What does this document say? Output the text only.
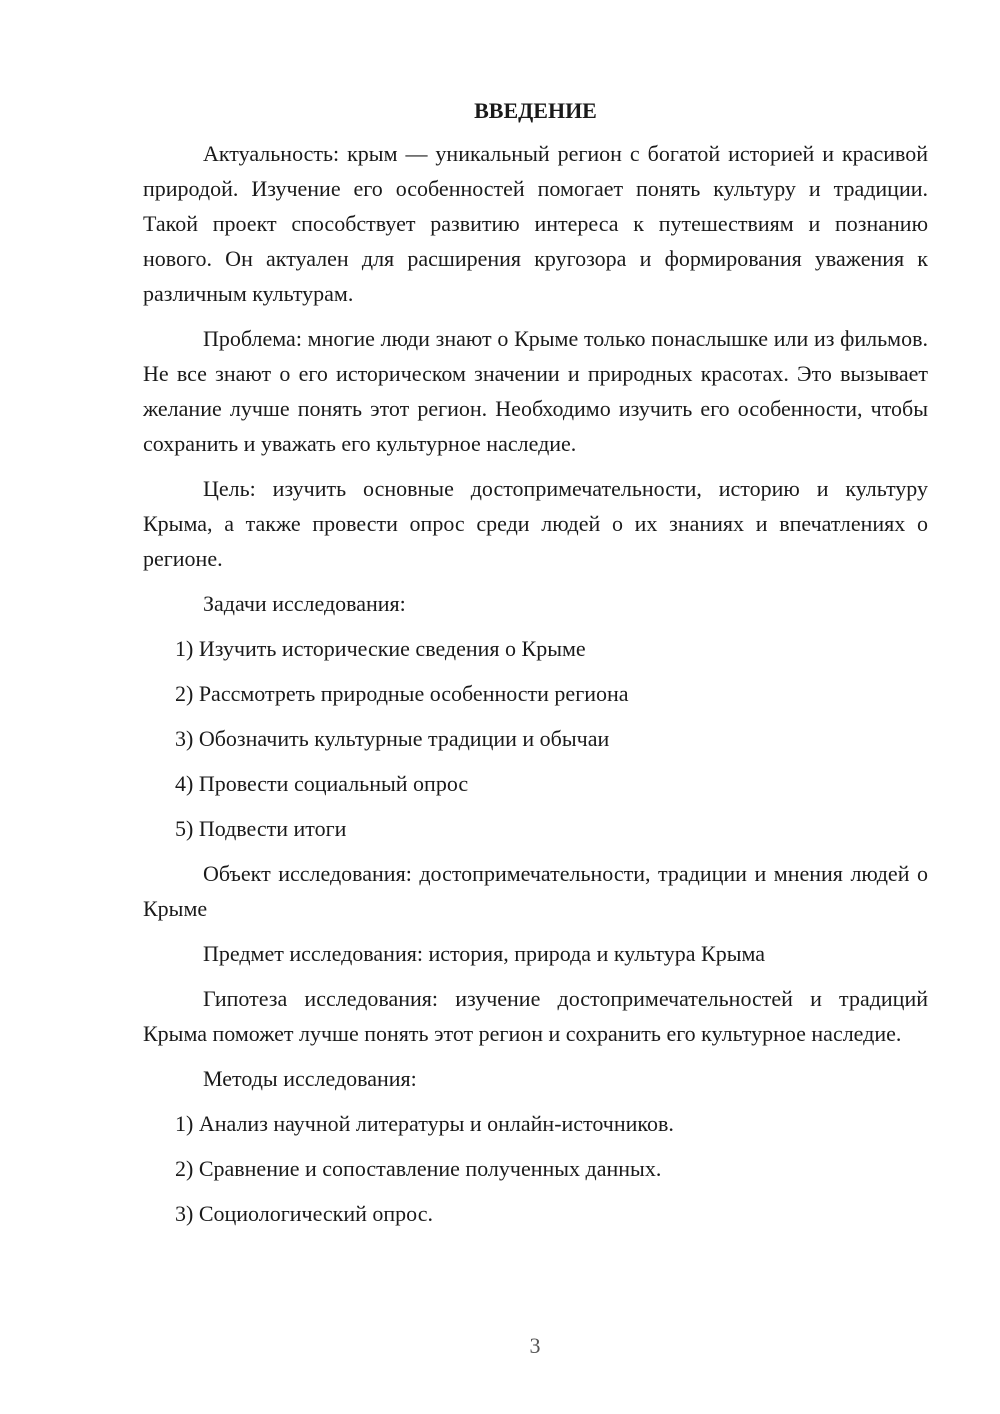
ВВЕДЕНИЕ

Актуальность: крым — уникальный регион с богатой историей и красивой природой. Изучение его особенностей помогает понять культуру и традиции. Такой проект способствует развитию интереса к путешествиям и познанию нового. Он актуален для расширения кругозора и формирования уважения к различным культурам.

Проблема: многие люди знают о Крыме только понаслышке или из фильмов. Не все знают о его историческом значении и природных красотах. Это вызывает желание лучше понять этот регион. Необходимо изучить его особенности, чтобы сохранить и уважать его культурное наследие.

Цель: изучить основные достопримечательности, историю и культуру Крыма, а также провести опрос среди людей о их знаниях и впечатлениях о регионе.

Задачи исследования:

1) Изучить исторические сведения о Крыме
2) Рассмотреть природные особенности региона
3) Обозначить культурные традиции и обычаи
4) Провести социальный опрос
5) Подвести итоги

Объект исследования: достопримечательности, традиции и мнения людей о Крыме

Предмет исследования: история, природа и культура Крыма

Гипотеза исследования: изучение достопримечательностей и традиций Крыма поможет лучше понять этот регион и сохранить его культурное наследие.

Методы исследования:

1) Анализ научной литературы и онлайн-источников.
2) Сравнение и сопоставление полученных данных.
3) Социологический опрос.
3
